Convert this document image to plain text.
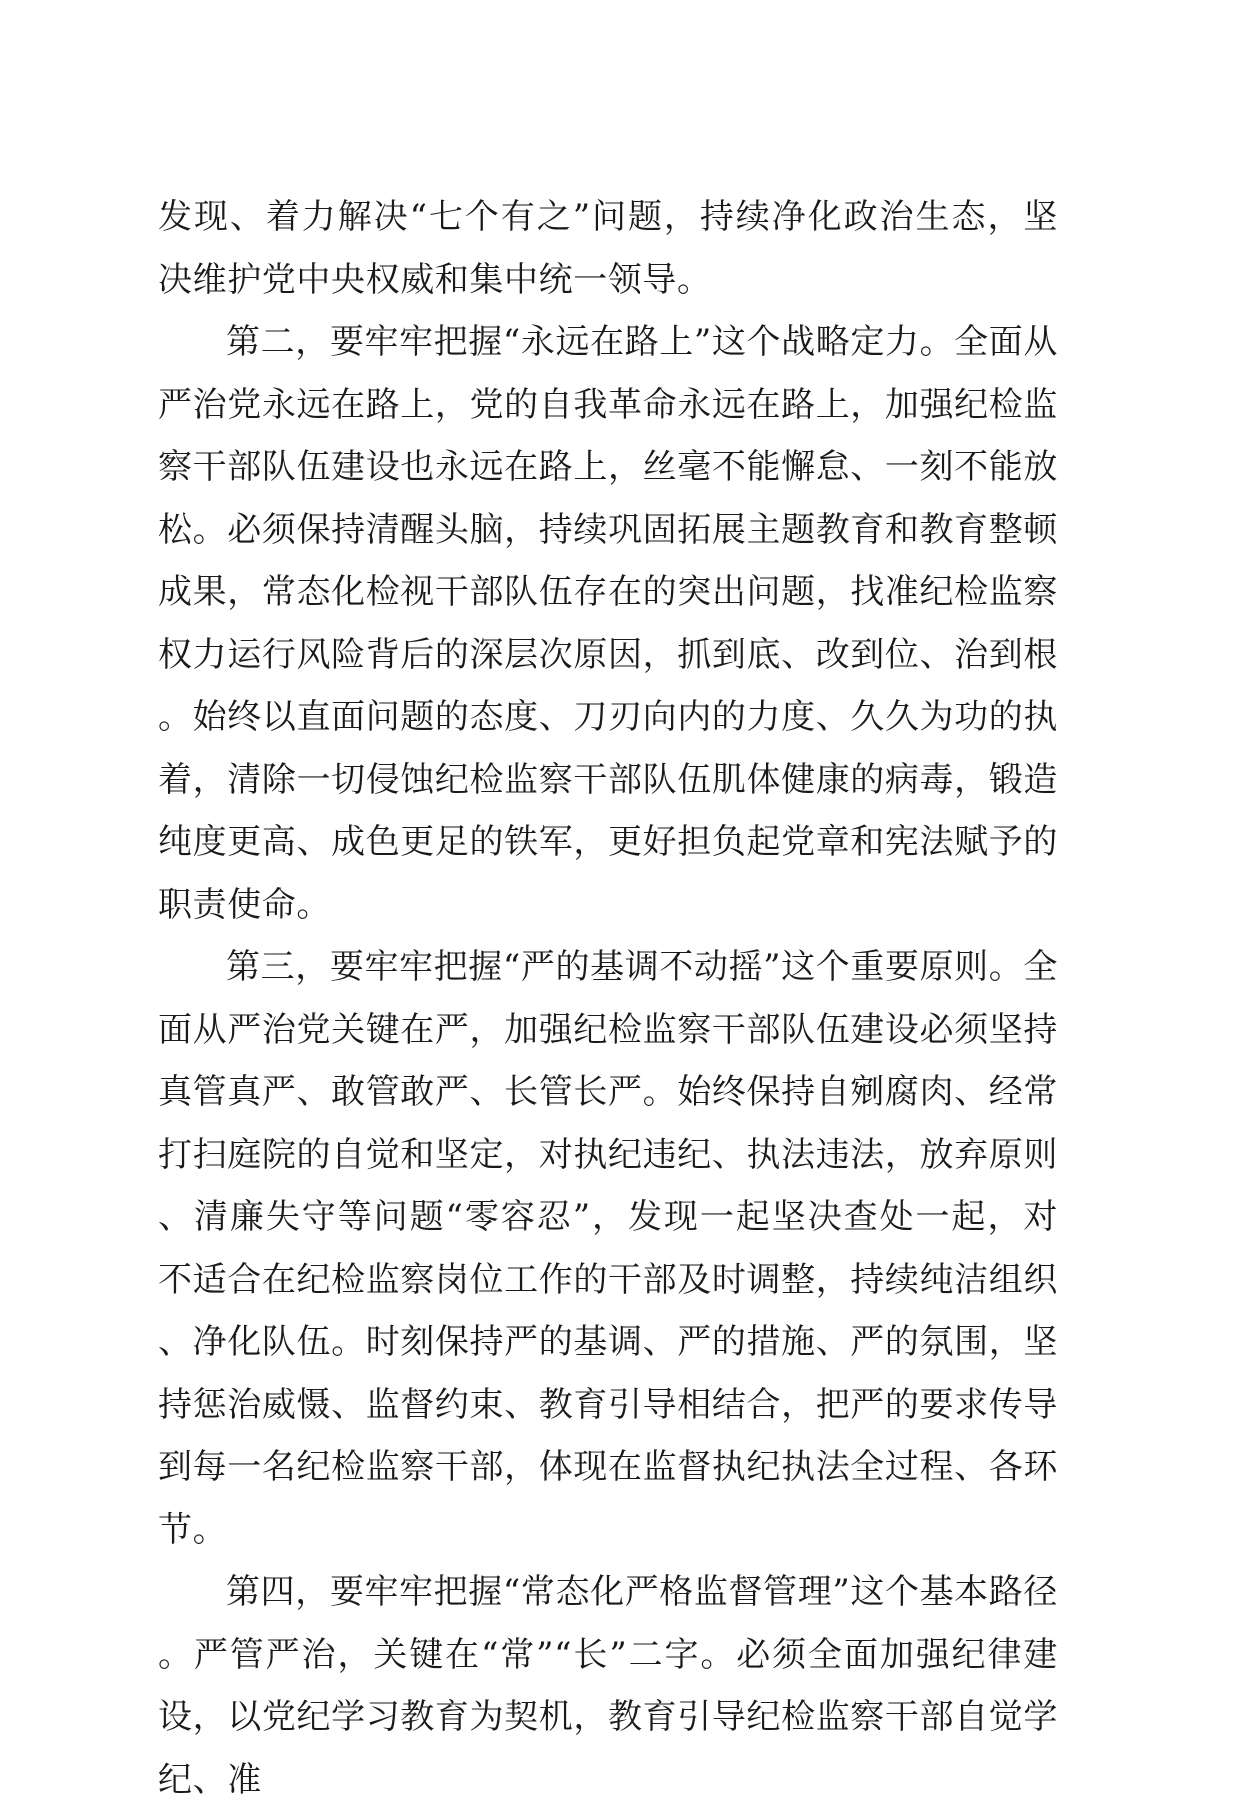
发现、着力解决“七个有之”问题，持续净化政治生态，坚决维护党中央权威和集中统一领导。

第二，要牢牢把握“永远在路上”这个战略定力。全面从严治党永远在路上，党的自我革命永远在路上，加强纪检监察干部队伍建设也永远在路上，丝毫不能懈怠、一刻不能放松。必须保持清醒头脑，持续巩固拓展主题教育和教育整顿成果，常态化检视干部队伍存在的突出问题，找准纪检监察权力运行风险背后的深层次原因，抓到底、改到位、治到根。始终以直面问题的态度、刀刃向内的力度、久久为功的执着，清除一切侵蚀纪检监察干部队伍肌体健康的病毒，锻造纯度更高、成色更足的铁军，更好担负起党章和宪法赋予的职责使命。

第三，要牢牢把握“严的基调不动摇”这个重要原则。全面从严治党关键在严，加强纪检监察干部队伍建设必须坚持真管真严、敢管敢严、长管长严。始终保持自剜腐肉、经常打扫庭院的自觉和坚定，对执纪违纪、执法违法，放弃原则、清廉失守等问题“零容忍”，发现一起坚决查处一起，对不适合在纪检监察岗位工作的干部及时调整，持续纯洁组织、净化队伍。时刻保持严的基调、严的措施、严的氛围，坚持惩治威慑、监督约束、教育引导相结合，把严的要求传导到每一名纪检监察干部，体现在监督执纪执法全过程、各环节。

第四，要牢牢把握“常态化严格监督管理”这个基本路径。严管严治，关键在“常”“长”二字。必须全面加强纪律建设，以党纪学习教育为契机，教育引导纪检监察干部自觉学纪、准
